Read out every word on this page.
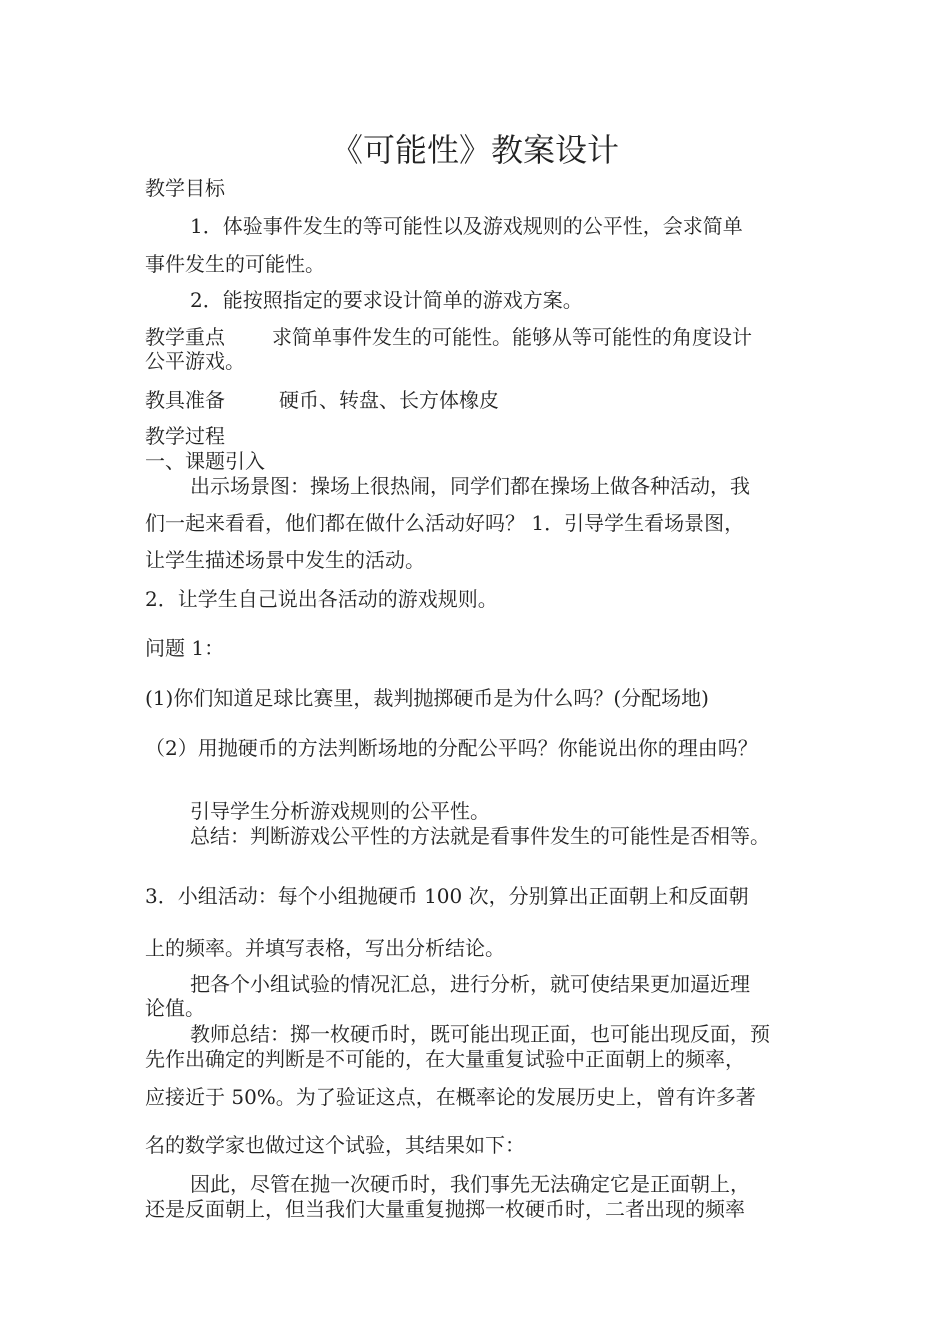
《可能性》教案设计
教学目标
1．体验事件发生的等可能性以及游戏规则的公平性，会求简单
事件发生的可能性。
2．能按照指定的要求设计简单的游戏方案。
教学重点 求简单事件发生的可能性。能够从等可能性的角度设计
公平游戏。
教具准备	硬币、转盘、长方体橡皮
教学过程
一、课题引入
出示场景图：操场上很热闹，同学们都在操场上做各种活动，我
们一起来看看，他们都在做什么活动好吗？ 1．引导学生看场景图，
让学生描述场景中发生的活动。
2．让学生自己说出各活动的游戏规则。
问题 1：
(1)你们知道足球比赛里，裁判抛掷硬币是为什么吗？(分配场地)
（2）用抛硬币的方法判断场地的分配公平吗？你能说出你的理由吗？
引导学生分析游戏规则的公平性。
总结：判断游戏公平性的方法就是看事件发生的可能性是否相等。
3．小组活动：每个小组抛硬币 100 次，分别算出正面朝上和反面朝
上的频率。并填写表格，写出分析结论。
把各个小组试验的情况汇总，进行分析，就可使结果更加逼近理
论值。
教师总结：掷一枚硬币时，既可能出现正面，也可能出现反面，预
先作出确定的判断是不可能的，在大量重复试验中正面朝上的频率，
应接近于 50%。为了验证这点，在概率论的发展历史上，曾有许多著
名的数学家也做过这个试验，其结果如下：
因此，尽管在抛一次硬币时，我们事先无法确定它是正面朝上，
还是反面朝上，但当我们大量重复抛掷一枚硬币时，二者出现的频率
